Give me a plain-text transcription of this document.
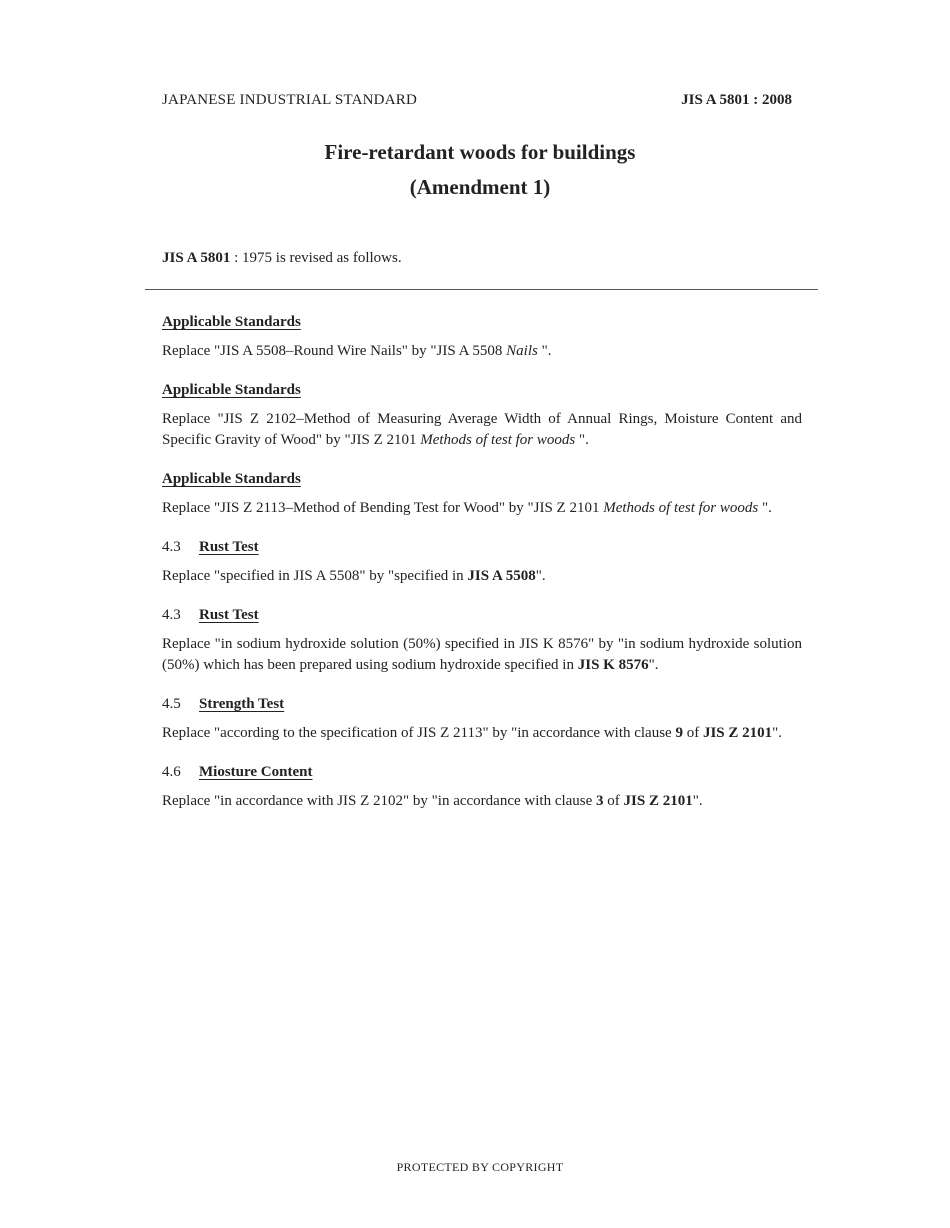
JAPANESE INDUSTRIAL STANDARD	JIS A 5801 : 2008
Fire-retardant woods for buildings
(Amendment 1)
JIS A 5801 : 1975 is revised as follows.
Applicable Standards

Replace "JIS A 5508–Round Wire Nails" by "JIS A 5508 Nails ".

Applicable Standards

Replace "JIS Z 2102–Method of Measuring Average Width of Annual Rings, Moisture Content and Specific Gravity of Wood" by "JIS Z 2101 Methods of test for woods ".

Applicable Standards

Replace "JIS Z 2113–Method of Bending Test for Wood" by "JIS Z 2101 Methods of test for woods ".

4.3 Rust Test

Replace "specified in JIS A 5508" by "specified in JIS A 5508".

4.3 Rust Test

Replace "in sodium hydroxide solution (50%) specified in JIS K 8576" by "in sodium hydroxide solution (50%) which has been prepared using sodium hydroxide specified in JIS K 8576".

4.5 Strength Test

Replace "according to the specification of JIS Z 2113" by "in accordance with clause 9 of JIS Z 2101".

4.6 Miosture Content

Replace "in accordance with JIS Z 2102" by "in accordance with clause 3 of JIS Z 2101".

PROTECTED BY COPYRIGHT
